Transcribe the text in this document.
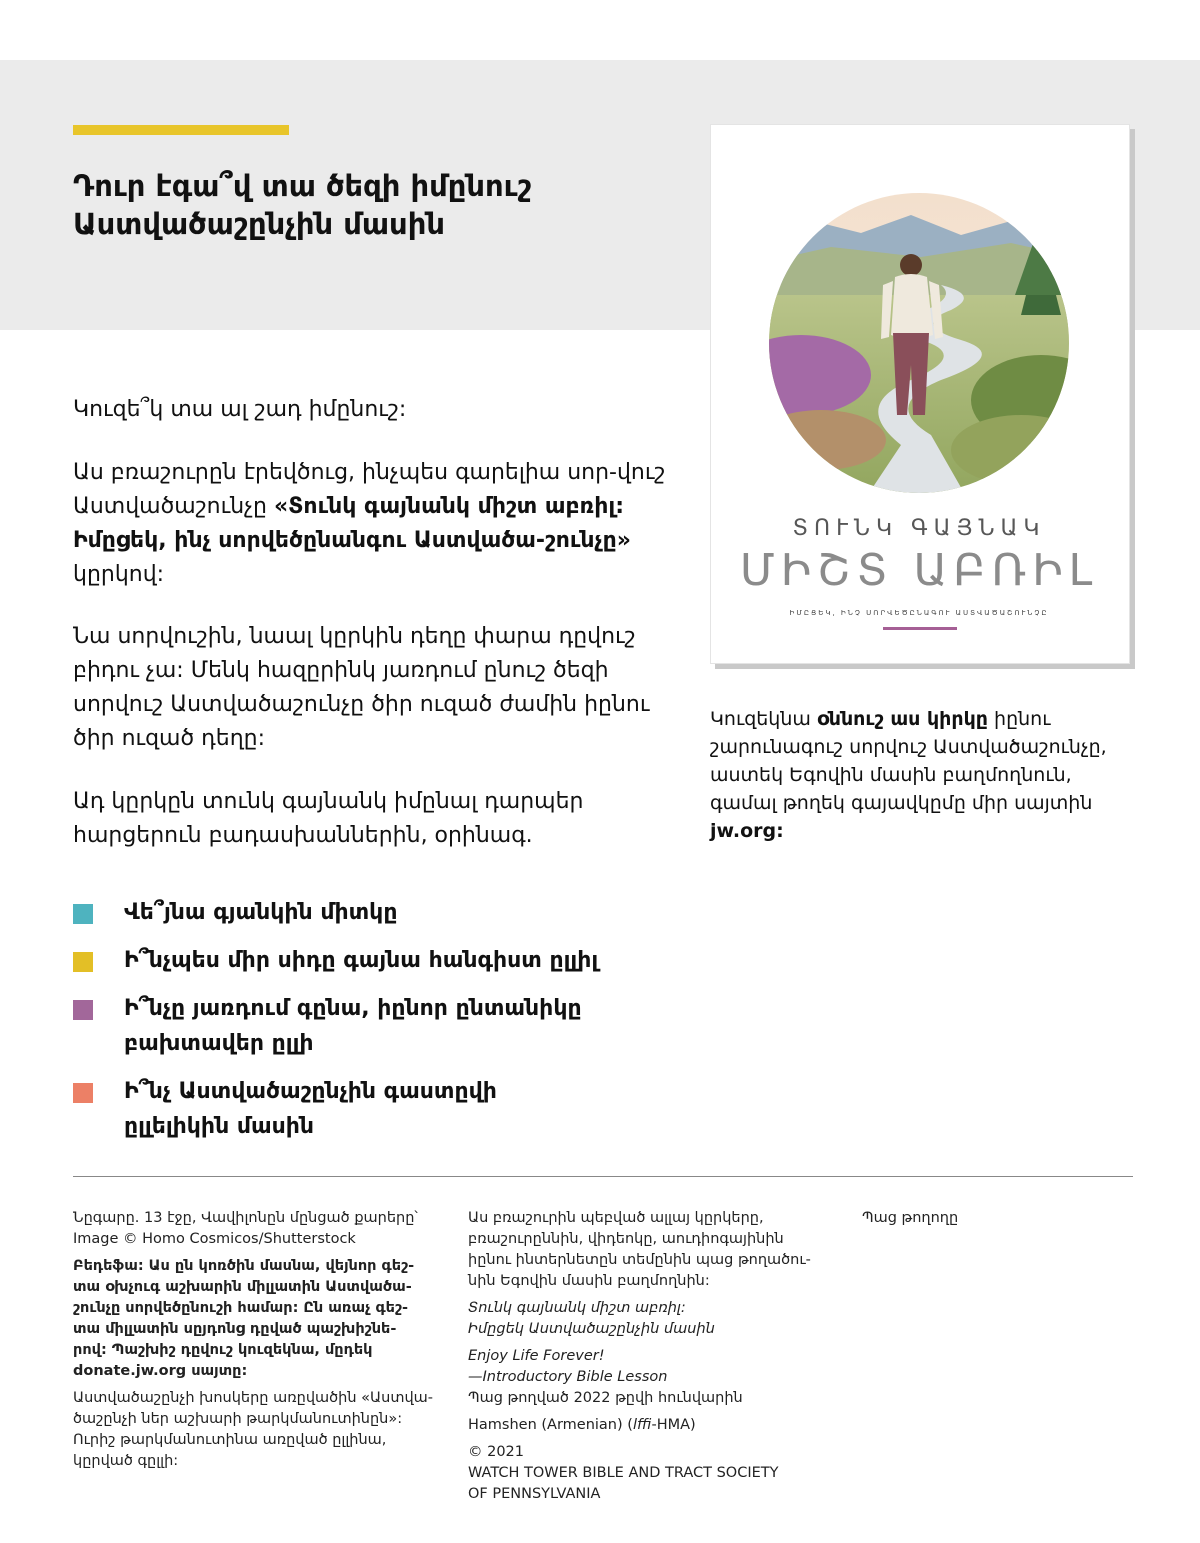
Դուր էգա՞վ տա ծեզի իմընուշ
Աստվածաշընչին մասին
ՏՈՒՆԿ ԳԱՅՆԱԿ
ՄԻՇՏ ԱԲՌԻԼ
ԻՄԸՑԵԿ, ԻՆՉ ՍՈՐՎԵԾԸՆԱԳՈՒ ԱՍՏՎԱԾԱՇՈՒՆՉԸ

Կուզե՞կ տա ալ շադ իմընուշ:

Աս բռաշուրըն էրեվծուց, ինչպես գարելիա սոր-վուշ Աստվածաշունչը «Տունկ գայնանկ միշտ աբռիլ: Իմըցեկ, ինչ սորվեծընանգու Աստվածա-շունչը» կըրկով:

Նա սորվուշին, նաալ կըրկին դեղը փարա դըվուշ բիդու չա: Մենկ հազըրինկ յառդում ընուշ ծեզի սորվուշ Աստվածաշունչը ծիր ուզած ժամին իընու ծիր ուզած դեղը:

Ադ կըրկըն տունկ գայնանկ իմընալ դարպեր հարցերուն բադասխաններին, օրինագ.

Կուզեկնա օննուշ աս կիրկը իընու
շարունագուշ սորվուշ Աստվածաշունչը,
աստեկ Եգովին մասին բաղմողնուն,
գամալ թողեկ գայավկըմը միր սայտին
jw.org:

Վե՞յնա գյանկին միտկը
Ի՞նչպես միր սիդը գայնա հանգիստ ըլլիլ
Ի՞նչը յառդում գընա, իընոր ընտանիկը
բախտավեր ըլլի
Ի՞նչ Աստվածաշընչին գաստըվի
ըլլելիկին մասին

Նըգարը. 13 էջը, Վավիլոնըն մընցած քարերը՝
Image © Homo Cosmicos/Shutterstock

Բեդեֆա: Աս ըն կոռծին մասնա, վեյնոր գեշ-
տա օխչուգ աշխարին միլլատին Աստվածա-
շունչը սորվեծընուշի համար: Ըն առաչ գեշ-
տա միլլատին սըյդոնց դըված պաշխիշնե-
րով: Պաշխիշ դըվուշ կուզեկնա, մըդեկ
donate.jw.org սայտը:

Աստվածաշընչի խոսկերը առըվածին «Աստվա-
ծաշընչի ներ աշխարի թարկմանուտինըն»:
Ուրիշ թարկմանուտինա առըված ըլլինա,
կըրված գըլլի:

Աս բռաշուրին պեբված ալլայ կըրկերը,
բռաշուրըննին, վիդեոկը, աուդիոգայինին
իընու ինտերնետըն տեմընին պաց թողածու-
նին Եգովին մասին բաղմողնին:

Տունկ գայնանկ միշտ աբռիլ:
Իմըցեկ Աստվածաշընչին մասին

Enjoy Life Forever!
—Introductory Bible Lesson
Պաց թողված 2022 թըվի հունվարին

Hamshen (Armenian) (lffi-HMA)

© 2021
WATCH TOWER BIBLE AND TRACT SOCIETY
OF PENNSYLVANIA

Պաց թողողը
